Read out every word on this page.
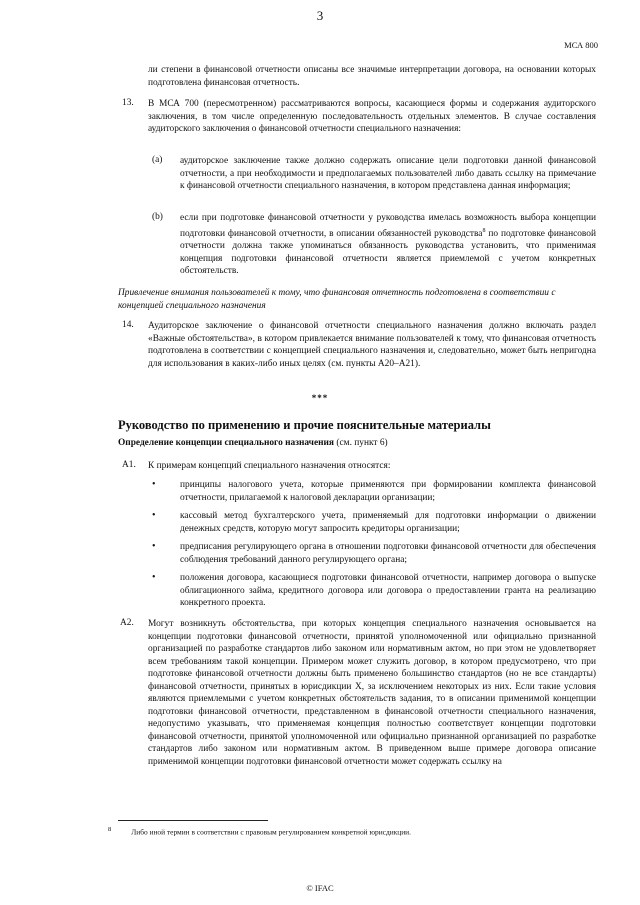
3
МСА 800
ли степени в финансовой отчетности описаны все значимые интерпретации договора, на основании которых подготовлена финансовая отчетность.
13. В МСА 700 (пересмотренном) рассматриваются вопросы, касающиеся формы и содержания аудиторского заключения, в том числе определенную последовательность отдельных элементов. В случае составления аудиторского заключения о финансовой отчетности специального назначения:
(a) аудиторское заключение также должно содержать описание цели подготовки данной финансовой отчетности, а при необходимости и предполагаемых пользователей либо давать ссылку на примечание к финансовой отчетности специального назначения, в котором представлена данная информация;
(b) если при подготовке финансовой отчетности у руководства имелась возможность выбора концепции подготовки финансовой отчетности, в описании обязанностей руководства$^8$ по подготовке финансовой отчетности должна также упоминаться обязанность руководства установить, что применимая концепция подготовки финансовой отчетности является приемлемой с учетом конкретных обстоятельств.
Привлечение внимания пользователей к тому, что финансовая отчетность подготовлена в соответствии с концепцией специального назначения
14. Аудиторское заключение о финансовой отчетности специального назначения должно включать раздел «Важные обстоятельства», в котором привлекается внимание пользователей к тому, что финансовая отчетность подготовлена в соответствии с концепцией специального назначения и, следовательно, может быть непригодна для использования в каких-либо иных целях (см. пункты A20–A21).
***
Руководство по применению и прочие пояснительные материалы
Определение концепции специального назначения (см. пункт 6)
A1. К примерам концепций специального назначения относятся:
•	принципы налогового учета, которые применяются при формировании комплекта финансовой отчетности, прилагаемой к налоговой декларации организации;
•	кассовый метод бухгалтерского учета, применяемый для подготовки информации о движении денежных средств, которую могут запросить кредиторы организации;
•	предписания регулирующего органа в отношении подготовки финансовой отчетности для обеспечения соблюдения требований данного регулирующего органа;
•	положения договора, касающиеся подготовки финансовой отчетности, например договора о выпуске облигационного займа, кредитного договора или договора о предоставлении гранта на реализацию конкретного проекта.
A2. Могут возникнуть обстоятельства, при которых концепция специального назначения основывается на концепции подготовки финансовой отчетности, принятой уполномоченной или официально признанной организацией по разработке стандартов либо законом или нормативным актом, но при этом не удовлетворяет всем требованиям такой концепции. Примером может служить договор, в котором предусмотрено, что при подготовке финансовой отчетности должны быть применено большинство стандартов (но не все стандарты) финансовой отчетности, принятых в юрисдикции X, за исключением некоторых из них. Если такие условия являются приемлемыми с учетом конкретных обстоятельств задания, то в описании применимой концепции подготовки финансовой отчетности, представленном в финансовой отчетности специального назначения, недопустимо указывать, что применяемая концепция полностью соответствует концепции подготовки финансовой отчетности, принятой уполномоченной или официально признанной организацией по разработке стандартов либо законом или нормативным актом. В приведенном выше примере договора описание применимой концепции подготовки финансовой отчетности может содержать ссылку на
$^8$	Либо иной термин в соответствии с правовым регулированием конкретной юрисдикции.
© IFAC
